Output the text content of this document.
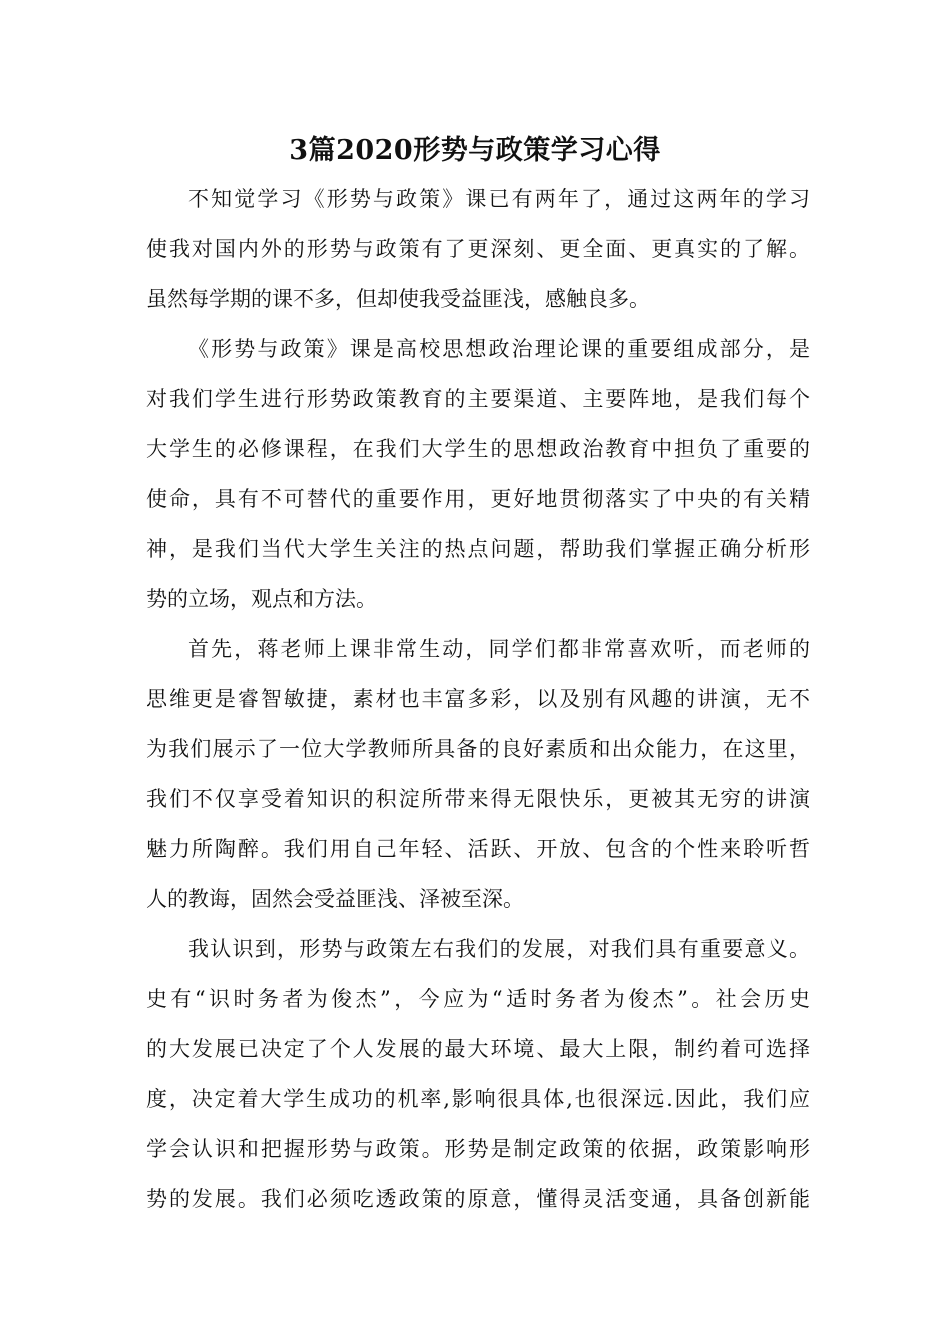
3篇2020形势与政策学习心得
不知觉学习《形势与政策》课已有两年了，通过这两年的学习
使我对国内外的形势与政策有了更深刻、更全面、更真实的了解。
虽然每学期的课不多，但却使我受益匪浅，感触良多。
《形势与政策》课是高校思想政治理论课的重要组成部分，是
对我们学生进行形势政策教育的主要渠道、主要阵地，是我们每个
大学生的必修课程，在我们大学生的思想政治教育中担负了重要的
使命，具有不可替代的重要作用，更好地贯彻落实了中央的有关精
神，是我们当代大学生关注的热点问题，帮助我们掌握正确分析形
势的立场，观点和方法。
首先，蒋老师上课非常生动，同学们都非常喜欢听，而老师的
思维更是睿智敏捷，素材也丰富多彩，以及别有风趣的讲演，无不
为我们展示了一位大学教师所具备的良好素质和出众能力，在这里，
我们不仅享受着知识的积淀所带来得无限快乐，更被其无穷的讲演
魅力所陶醉。我们用自己年轻、活跃、开放、包含的个性来聆听哲
人的教诲，固然会受益匪浅、泽被至深。
我认识到，形势与政策左右我们的发展，对我们具有重要意义。
史有“识时务者为俊杰”，今应为“适时务者为俊杰”。社会历史
的大发展已决定了个人发展的最大环境、最大上限，制约着可选择
度，决定着大学生成功的机率,影响很具体,也很深远.因此，我们应
学会认识和把握形势与政策。形势是制定政策的依据，政策影响形
势的发展。我们必须吃透政策的原意，懂得灵活变通，具备创新能
